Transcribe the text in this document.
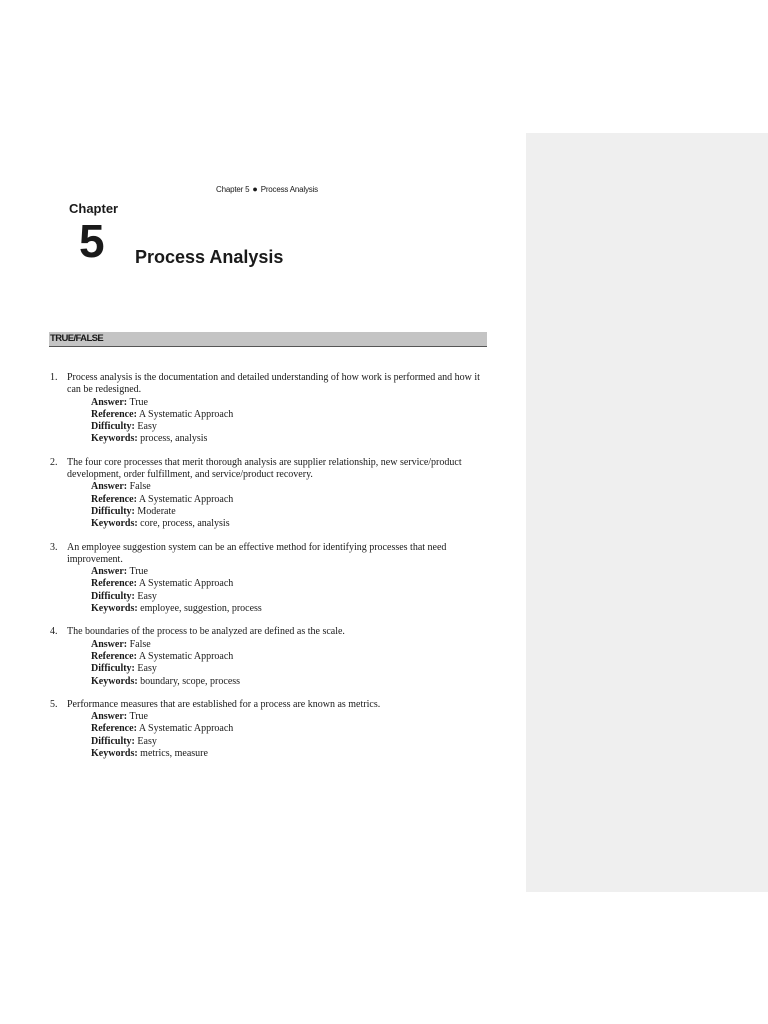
Chapter 5 ● Process Analysis
Chapter
5 Process Analysis
TRUE/FALSE
1. Process analysis is the documentation and detailed understanding of how work is performed and how it can be redesigned.
Answer: True
Reference: A Systematic Approach
Difficulty: Easy
Keywords: process, analysis
2. The four core processes that merit thorough analysis are supplier relationship, new service/product development, order fulfillment, and service/product recovery.
Answer: False
Reference: A Systematic Approach
Difficulty: Moderate
Keywords: core, process, analysis
3. An employee suggestion system can be an effective method for identifying processes that need improvement.
Answer: True
Reference: A Systematic Approach
Difficulty: Easy
Keywords: employee, suggestion, process
4. The boundaries of the process to be analyzed are defined as the scale.
Answer: False
Reference: A Systematic Approach
Difficulty: Easy
Keywords: boundary, scope, process
5. Performance measures that are established for a process are known as metrics.
Answer: True
Reference: A Systematic Approach
Difficulty: Easy
Keywords: metrics, measure
